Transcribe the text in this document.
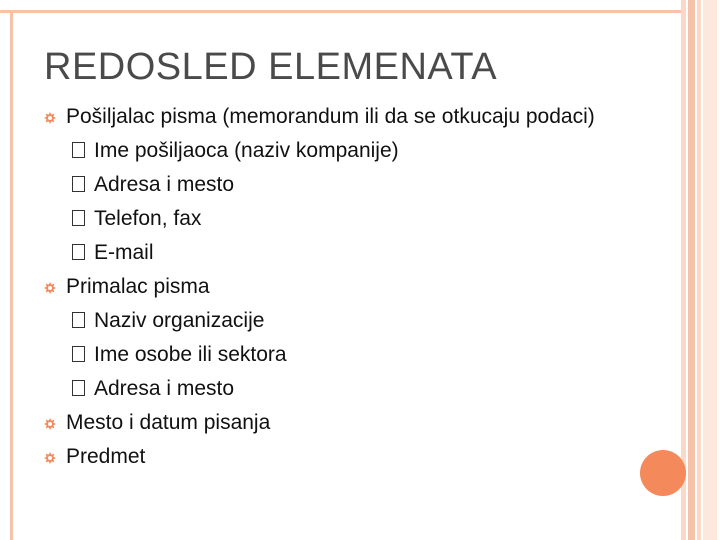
REDOSLED ELEMENATA
Pošiljalac pisma (memorandum ili da se otkucaju podaci)
Ime pošiljaoca (naziv kompanije)
Adresa i mesto
Telefon, fax
E-mail
Primalac pisma
Naziv organizacije
Ime osobe ili sektora
Adresa i mesto
Mesto i datum pisanja
Predmet
